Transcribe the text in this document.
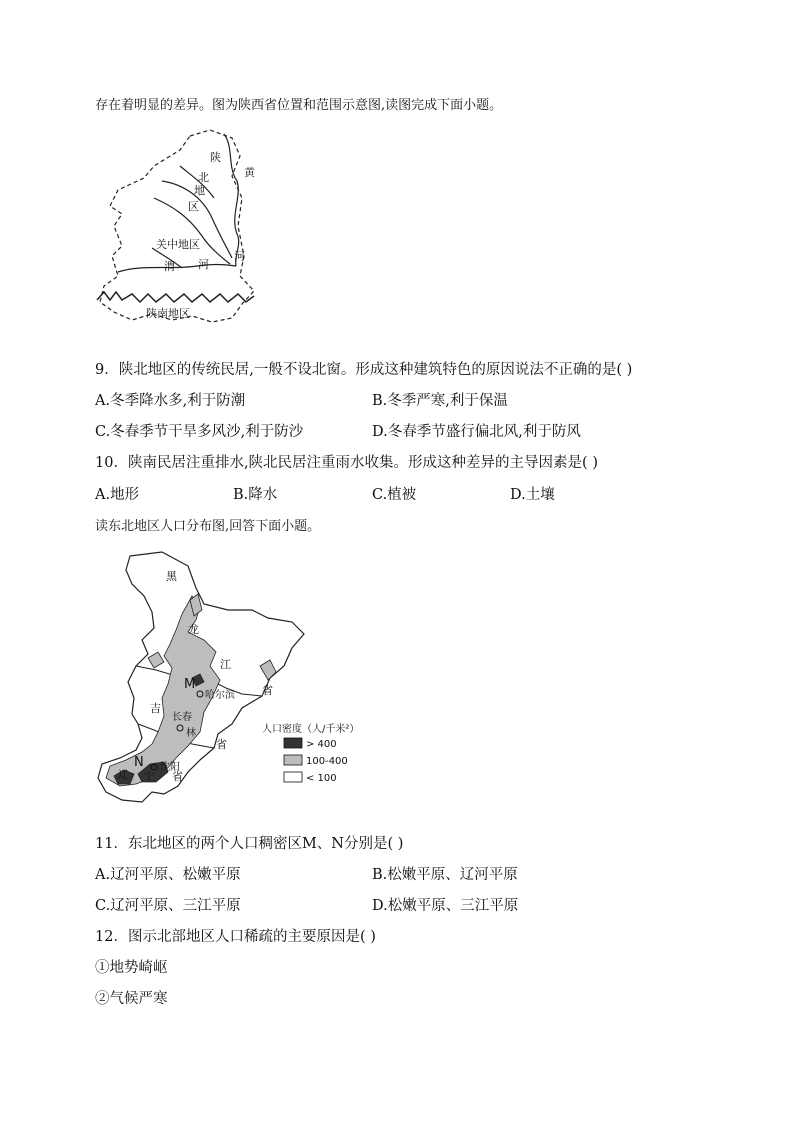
存在着明显的差异。图为陕西省位置和范围示意图,读图完成下面小题。
陕
黄
北
地
区
关中地区
渭 河
河
陕南地区
9．陕北地区的传统民居,一般不设北窗。形成这种建筑特色的原因说法不正确的是( )
A.冬季降水多,利于防潮	B.冬季严寒,利于保温
C.冬春季节干旱多风沙,利于防沙	D.冬春季节盛行偏北风,利于防风
10．陕南民居注重排水,陕北民居注重雨水收集。形成这种差异的主导因素是( )
A.地形	B.降水	C.植被	D.土壤
读东北地区人口分布图,回答下面小题。
黑
龙
江
省
M
哈尔滨
吉
长春
林
省
N 沈阳
辽 宁 省
人口密度（人/千米²）
> 400
100-400
< 100
11．东北地区的两个人口稠密区M、N分别是( )
A.辽河平原、松嫩平原	B.松嫩平原、辽河平原
C.辽河平原、三江平原	D.松嫩平原、三江平原
12．图示北部地区人口稀疏的主要原因是( )
①地势崎岖
②气候严寒
